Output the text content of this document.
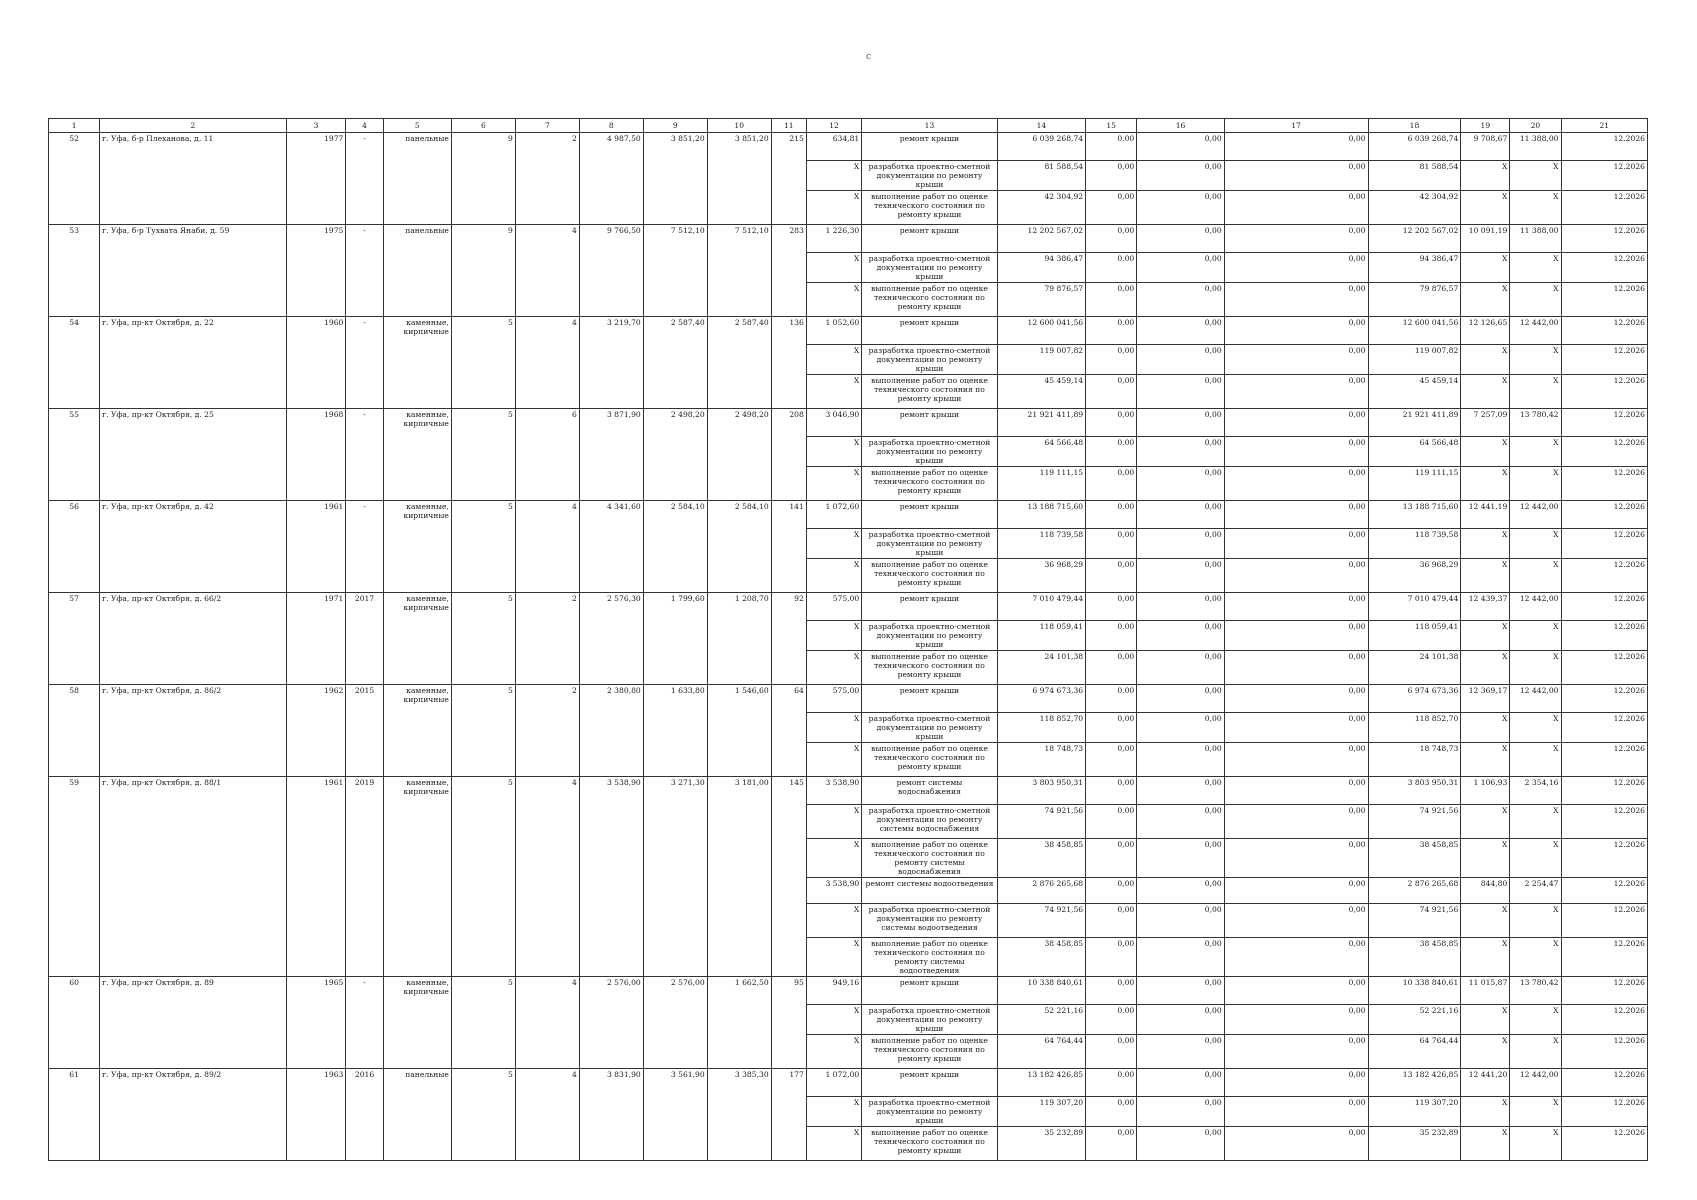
с
1	2	3	4	5	6	7	8	9	10	11	12	13	14	15	16	17	18	19	20	21
52	г. Уфа, б-р Плеханова, д. 11	1977	-	панельные	9	2	4 987,50	3 851,20	3 851,20	215	634,81	ремонт крыши	6 039 268,74	0,00	0,00	0,00	6 039 268,74	9 708,67	11 388,00	12.2026
											X	разработка проектно-сметной документации по ремонту крыши	81 588,54	0,00	0,00	0,00	81 588,54	X	X	12.2026
											X	выполнение работ по оценке технического состояния по ремонту крыши	42 304,92	0,00	0,00	0,00	42 304,92	X	X	12.2026
53	г. Уфа, б-р Тухвата Янаби, д. 59	1975	-	панельные	9	4	9 766,50	7 512,10	7 512,10	283	1 226,30	ремонт крыши	12 202 567,02	0,00	0,00	0,00	12 202 567,02	10 091,19	11 388,00	12.2026
											X	разработка проектно-сметной документации по ремонту крыши	94 386,47	0,00	0,00	0,00	94 386,47	X	X	12.2026
											X	выполнение работ по оценке технического состояния по ремонту крыши	79 876,57	0,00	0,00	0,00	79 876,57	X	X	12.2026
54	г. Уфа, пр-кт Октября, д. 22	1960	-	каменные, кирпичные	5	4	3 219,70	2 587,40	2 587,40	136	1 052,60	ремонт крыши	12 600 041,56	0,00	0,00	0,00	12 600 041,56	12 126,65	12 442,00	12.2026
											X	разработка проектно-сметной документации по ремонту крыши	119 007,82	0,00	0,00	0,00	119 007,82	X	X	12.2026
											X	выполнение работ по оценке технического состояния по ремонту крыши	45 459,14	0,00	0,00	0,00	45 459,14	X	X	12.2026
55	г. Уфа, пр-кт Октября, д. 25	1968	-	каменные, кирпичные	5	6	3 871,90	2 498,20	2 498,20	208	3 046,90	ремонт крыши	21 921 411,89	0,00	0,00	0,00	21 921 411,89	7 257,09	13 780,42	12.2026
											X	разработка проектно-сметной документации по ремонту крыши	64 566,48	0,00	0,00	0,00	64 566,48	X	X	12.2026
											X	выполнение работ по оценке технического состояния по ремонту крыши	119 111,15	0,00	0,00	0,00	119 111,15	X	X	12.2026
56	г. Уфа, пр-кт Октября, д. 42	1961	-	каменные, кирпичные	5	4	4 341,60	2 584,10	2 584,10	141	1 072,60	ремонт крыши	13 188 715,60	0,00	0,00	0,00	13 188 715,60	12 441,19	12 442,00	12.2026
											X	разработка проектно-сметной документации по ремонту крыши	118 739,58	0,00	0,00	0,00	118 739,58	X	X	12.2026
											X	выполнение работ по оценке технического состояния по ремонту крыши	36 968,29	0,00	0,00	0,00	36 968,29	X	X	12.2026
57	г. Уфа, пр-кт Октября, д. 66/2	1971	2017	каменные, кирпичные	5	2	2 576,30	1 799,60	1 208,70	92	575,00	ремонт крыши	7 010 479,44	0,00	0,00	0,00	7 010 479,44	12 439,37	12 442,00	12.2026
											X	разработка проектно-сметной документации по ремонту крыши	118 059,41	0,00	0,00	0,00	118 059,41	X	X	12.2026
											X	выполнение работ по оценке технического состояния по ремонту крыши	24 101,38	0,00	0,00	0,00	24 101,38	X	X	12.2026
58	г. Уфа, пр-кт Октября, д. 86/2	1962	2015	каменные, кирпичные	5	2	2 380,80	1 633,80	1 546,60	64	575,00	ремонт крыши	6 974 673,36	0,00	0,00	0,00	6 974 673,36	12 369,17	12 442,00	12.2026
											X	разработка проектно-сметной документации по ремонту крыши	118 852,70	0,00	0,00	0,00	118 852,70	X	X	12.2026
											X	выполнение работ по оценке технического состояния по ремонту крыши	18 748,73	0,00	0,00	0,00	18 748,73	X	X	12.2026
59	г. Уфа, пр-кт Октября, д. 88/1	1961	2019	каменные, кирпичные	5	4	3 538,90	3 271,30	3 181,00	145	3 538,90	ремонт системы водоснабжения	3 803 950,31	0,00	0,00	0,00	3 803 950,31	1 106,93	2 354,16	12.2026
											X	разработка проектно-сметной документации по ремонту системы водоснабжения	74 921,56	0,00	0,00	0,00	74 921,56	X	X	12.2026
											X	выполнение работ по оценке технического состояния по ремонту системы водоснабжения	38 458,85	0,00	0,00	0,00	38 458,85	X	X	12.2026
											3 538,90	ремонт системы водоотведения	2 876 265,68	0,00	0,00	0,00	2 876 265,68	844,80	2 254,47	12.2026
											X	разработка проектно-сметной документации по ремонту системы водоотведения	74 921,56	0,00	0,00	0,00	74 921,56	X	X	12.2026
											X	выполнение работ по оценке технического состояния по ремонту системы водоотведения	38 458,85	0,00	0,00	0,00	38 458,85	X	X	12.2026
60	г. Уфа, пр-кт Октября, д. 89	1965	-	каменные, кирпичные	5	4	2 576,00	2 576,00	1 662,50	95	949,16	ремонт крыши	10 338 840,61	0,00	0,00	0,00	10 338 840,61	11 015,87	13 780,42	12.2026
											X	разработка проектно-сметной документации по ремонту крыши	52 221,16	0,00	0,00	0,00	52 221,16	X	X	12.2026
											X	выполнение работ по оценке технического состояния по ремонту крыши	64 764,44	0,00	0,00	0,00	64 764,44	X	X	12.2026
61	г. Уфа, пр-кт Октября, д. 89/2	1963	2016	панельные	5	4	3 831,90	3 561,90	3 385,30	177	1 072,00	ремонт крыши	13 182 426,85	0,00	0,00	0,00	13 182 426,85	12 441,20	12 442,00	12.2026
											X	разработка проектно-сметной документации по ремонту крыши	119 307,20	0,00	0,00	0,00	119 307,20	X	X	12.2026
											X	выполнение работ по оценке технического состояния по ремонту крыши	35 232,89	0,00	0,00	0,00	35 232,89	X	X	12.2026
